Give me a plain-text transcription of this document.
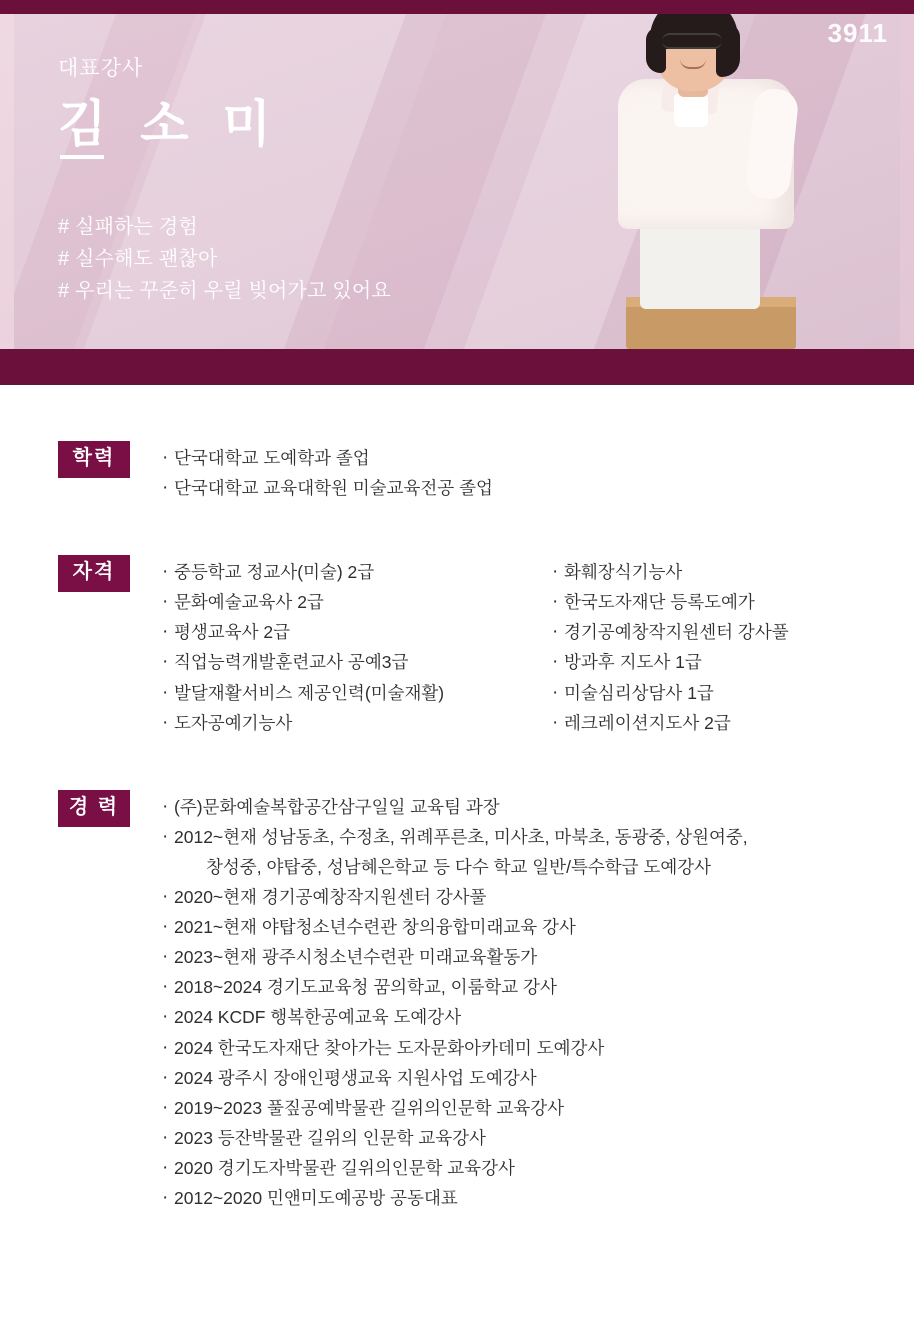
대표강사
김 소 미
# 실패하는 경험
# 실수해도 괜찮아
# 우리는 꾸준히 우릴 빚어가고 있어요
3911
학력	· 단국대학교 도예학과 졸업
· 단국대학교 교육대학원 미술교육전공 졸업
자격	· 중등학교 정교사(미술) 2급
· 문화예술교육사 2급
· 평생교육사 2급
· 직업능력개발훈련교사 공예3급
· 발달재활서비스 제공인력(미술재활)
· 도자공예기능사
· 화훼장식기능사
· 한국도자재단 등록도예가
· 경기공예창작지원센터 강사풀
· 방과후 지도사 1급
· 미술심리상담사 1급
· 레크레이션지도사 2급
경 력	· (주)문화예술복합공간삼구일일 교육팀 과장
· 2012~현재 성남동초, 수정초, 위례푸른초, 미사초, 마북초, 동광중, 상원여중,
창성중, 야탑중, 성남혜은학교 등 다수 학교 일반/특수학급 도예강사
· 2020~현재 경기공예창작지원센터 강사풀
· 2021~현재 야탑청소년수련관 창의융합미래교육 강사
· 2023~현재 광주시청소년수련관 미래교육활동가
· 2018~2024 경기도교육청 꿈의학교, 이룸학교 강사
· 2024 KCDF 행복한공예교육 도예강사
· 2024 한국도자재단 찾아가는 도자문화아카데미 도예강사
· 2024 광주시 장애인평생교육 지원사업 도예강사
· 2019~2023 풀짚공예박물관 길위의인문학 교육강사
· 2023 등잔박물관 길위의 인문학 교육강사
· 2020 경기도자박물관 길위의인문학 교육강사
· 2012~2020 민앤미도예공방 공동대표
